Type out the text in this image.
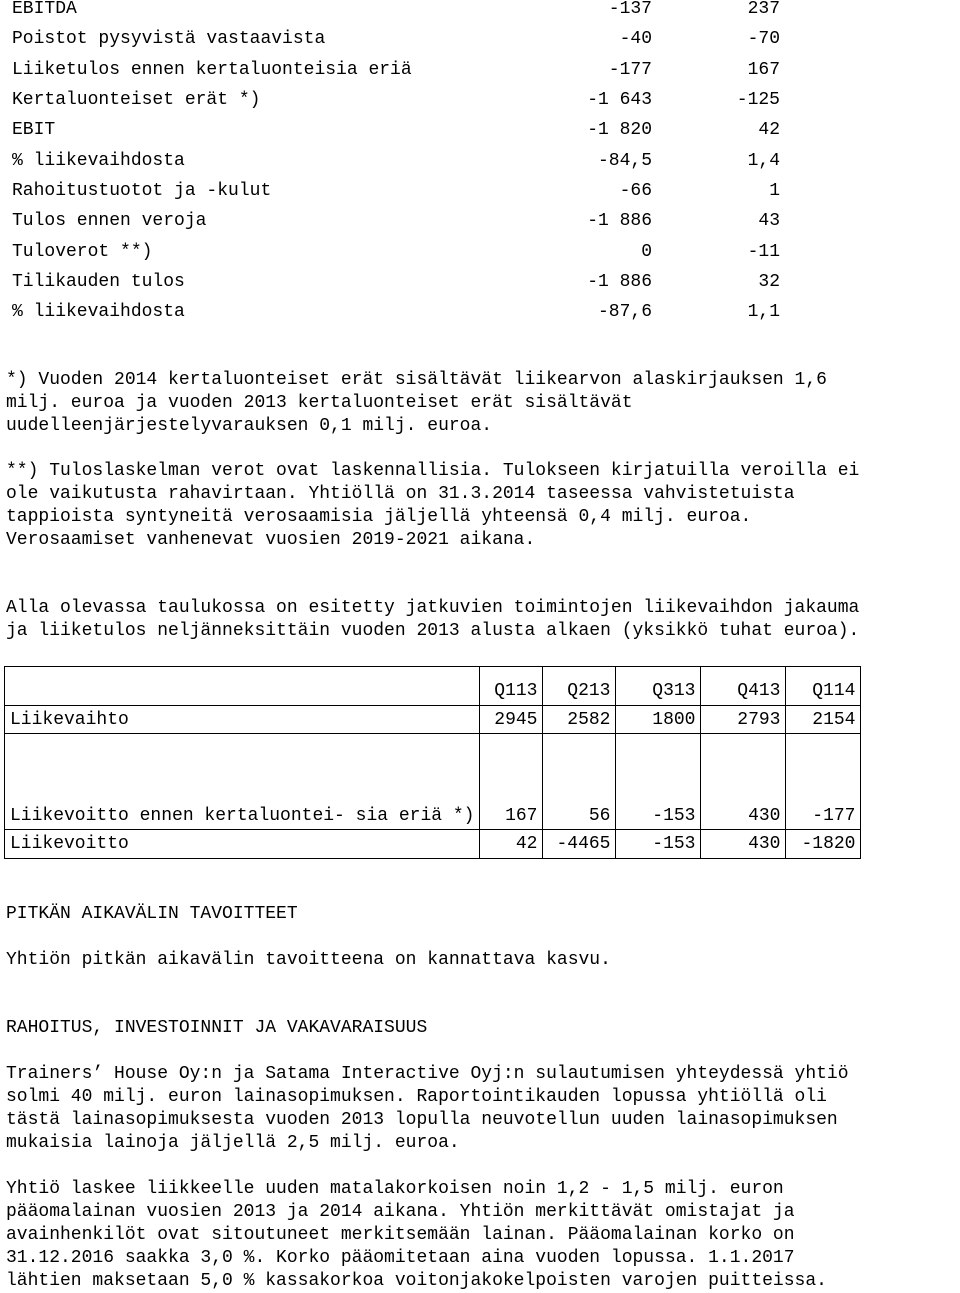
EBITDA	-137	237
Poistot pysyvistä vastaavista	-40	-70
Liiketulos ennen kertaluonteisia eriä	-177	167
Kertaluonteiset erät *)	-1 643	-125
EBIT	-1 820	42
% liikevaihdosta	-84,5	1,4
Rahoitustuotot ja -kulut	-66	1
Tulos ennen veroja	-1 886	43
Tuloverot **)	0	-11
Tilikauden tulos	-1 886	32
% liikevaihdosta	-87,6	1,1

*) Vuoden 2014 kertaluonteiset erät sisältävät liikearvon alaskirjauksen 1,6
milj. euroa ja vuoden 2013 kertaluonteiset erät sisältävät
uudelleenjärjestelyvarauksen 0,1 milj. euroa.

**) Tuloslaskelman verot ovat laskennallisia. Tulokseen kirjatuilla veroilla ei
ole vaikutusta rahavirtaan. Yhtiöllä on 31.3.2014 taseessa vahvistetuista
tappioista syntyneitä verosaamisia jäljellä yhteensä 0,4 milj. euroa.
Verosaamiset vanhenevat vuosien 2019-2021 aikana.

Alla olevassa taulukossa on esitetty jatkuvien toimintojen liikevaihdon jakauma
ja liiketulos neljänneksittäin vuoden 2013 alusta alkaen (yksikkö tuhat euroa).

	Q113	Q213	Q313	Q413	Q114
Liikevaihto	2945	2582	1800	2793	2154
Liikevoitto ennen kertaluontei- sia eriä *)	167	56	-153	430	-177
Liikevoitto	42	-4465	-153	430	-1820

PITKÄN AIKAVÄLIN TAVOITTEET

Yhtiön pitkän aikavälin tavoitteena on kannattava kasvu.

RAHOITUS, INVESTOINNIT JA VAKAVARAISUUS

Trainers’ House Oy:n ja Satama Interactive Oyj:n sulautumisen yhteydessä yhtiö
solmi 40 milj. euron lainasopimuksen. Raportointikauden lopussa yhtiöllä oli
tästä lainasopimuksesta vuoden 2013 lopulla neuvotellun uuden lainasopimuksen
mukaisia lainoja jäljellä 2,5 milj. euroa.

Yhtiö laskee liikkeelle uuden matalakorkoisen noin 1,2 - 1,5 milj. euron
pääomalainan vuosien 2013 ja 2014 aikana. Yhtiön merkittävät omistajat ja
avainhenkilöt ovat sitoutuneet merkitsemään lainan. Pääomalainan korko on
31.12.2016 saakka 3,0 %. Korko pääomitetaan aina vuoden lopussa. 1.1.2017
lähtien maksetaan 5,0 % kassakorkoa voitonjakokelpoisten varojen puitteissa.
